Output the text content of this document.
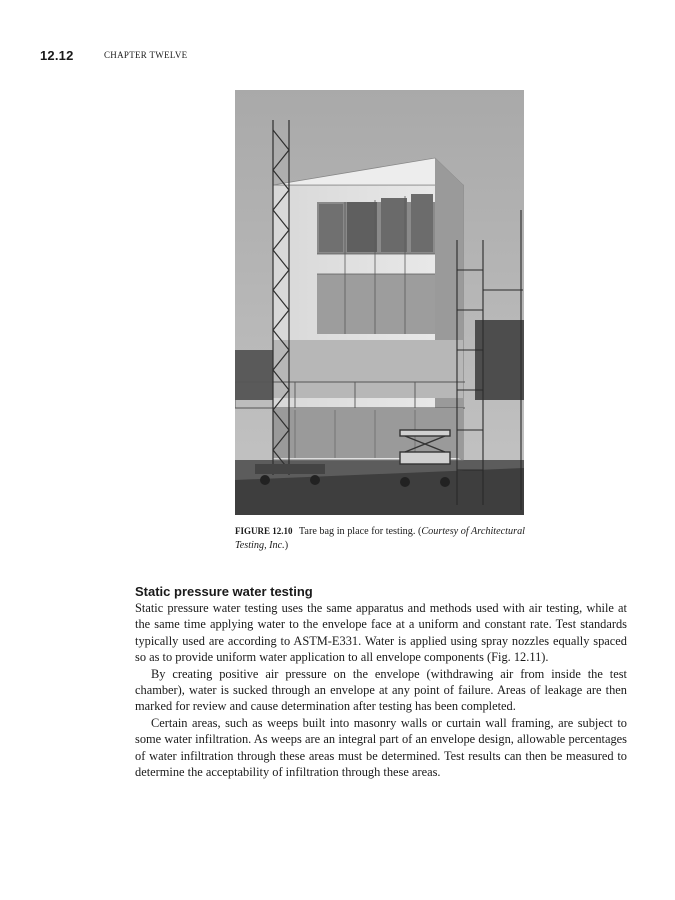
12.12	CHAPTER TWELVE
FIGURE 12.10 Tare bag in place for testing. (Courtesy of Architectural Testing, Inc.)
Static pressure water testing

Static pressure water testing uses the same apparatus and methods used with air testing, while at the same time applying water to the envelope face at a uniform and constant rate. Test standards typically used are according to ASTM-E331. Water is applied using spray nozzles equally spaced so as to provide uniform water application to all envelope components (Fig. 12.11).

By creating positive air pressure on the envelope (withdrawing air from inside the test chamber), water is sucked through an envelope at any point of failure. Areas of leakage are then marked for review and cause determination after testing has been completed.

Certain areas, such as weeps built into masonry walls or curtain wall framing, are subject to some water infiltration. As weeps are an integral part of an envelope design, allowable percentages of water infiltration through these areas must be determined. Test results can then be measured to determine the acceptability of infiltration through these areas.
